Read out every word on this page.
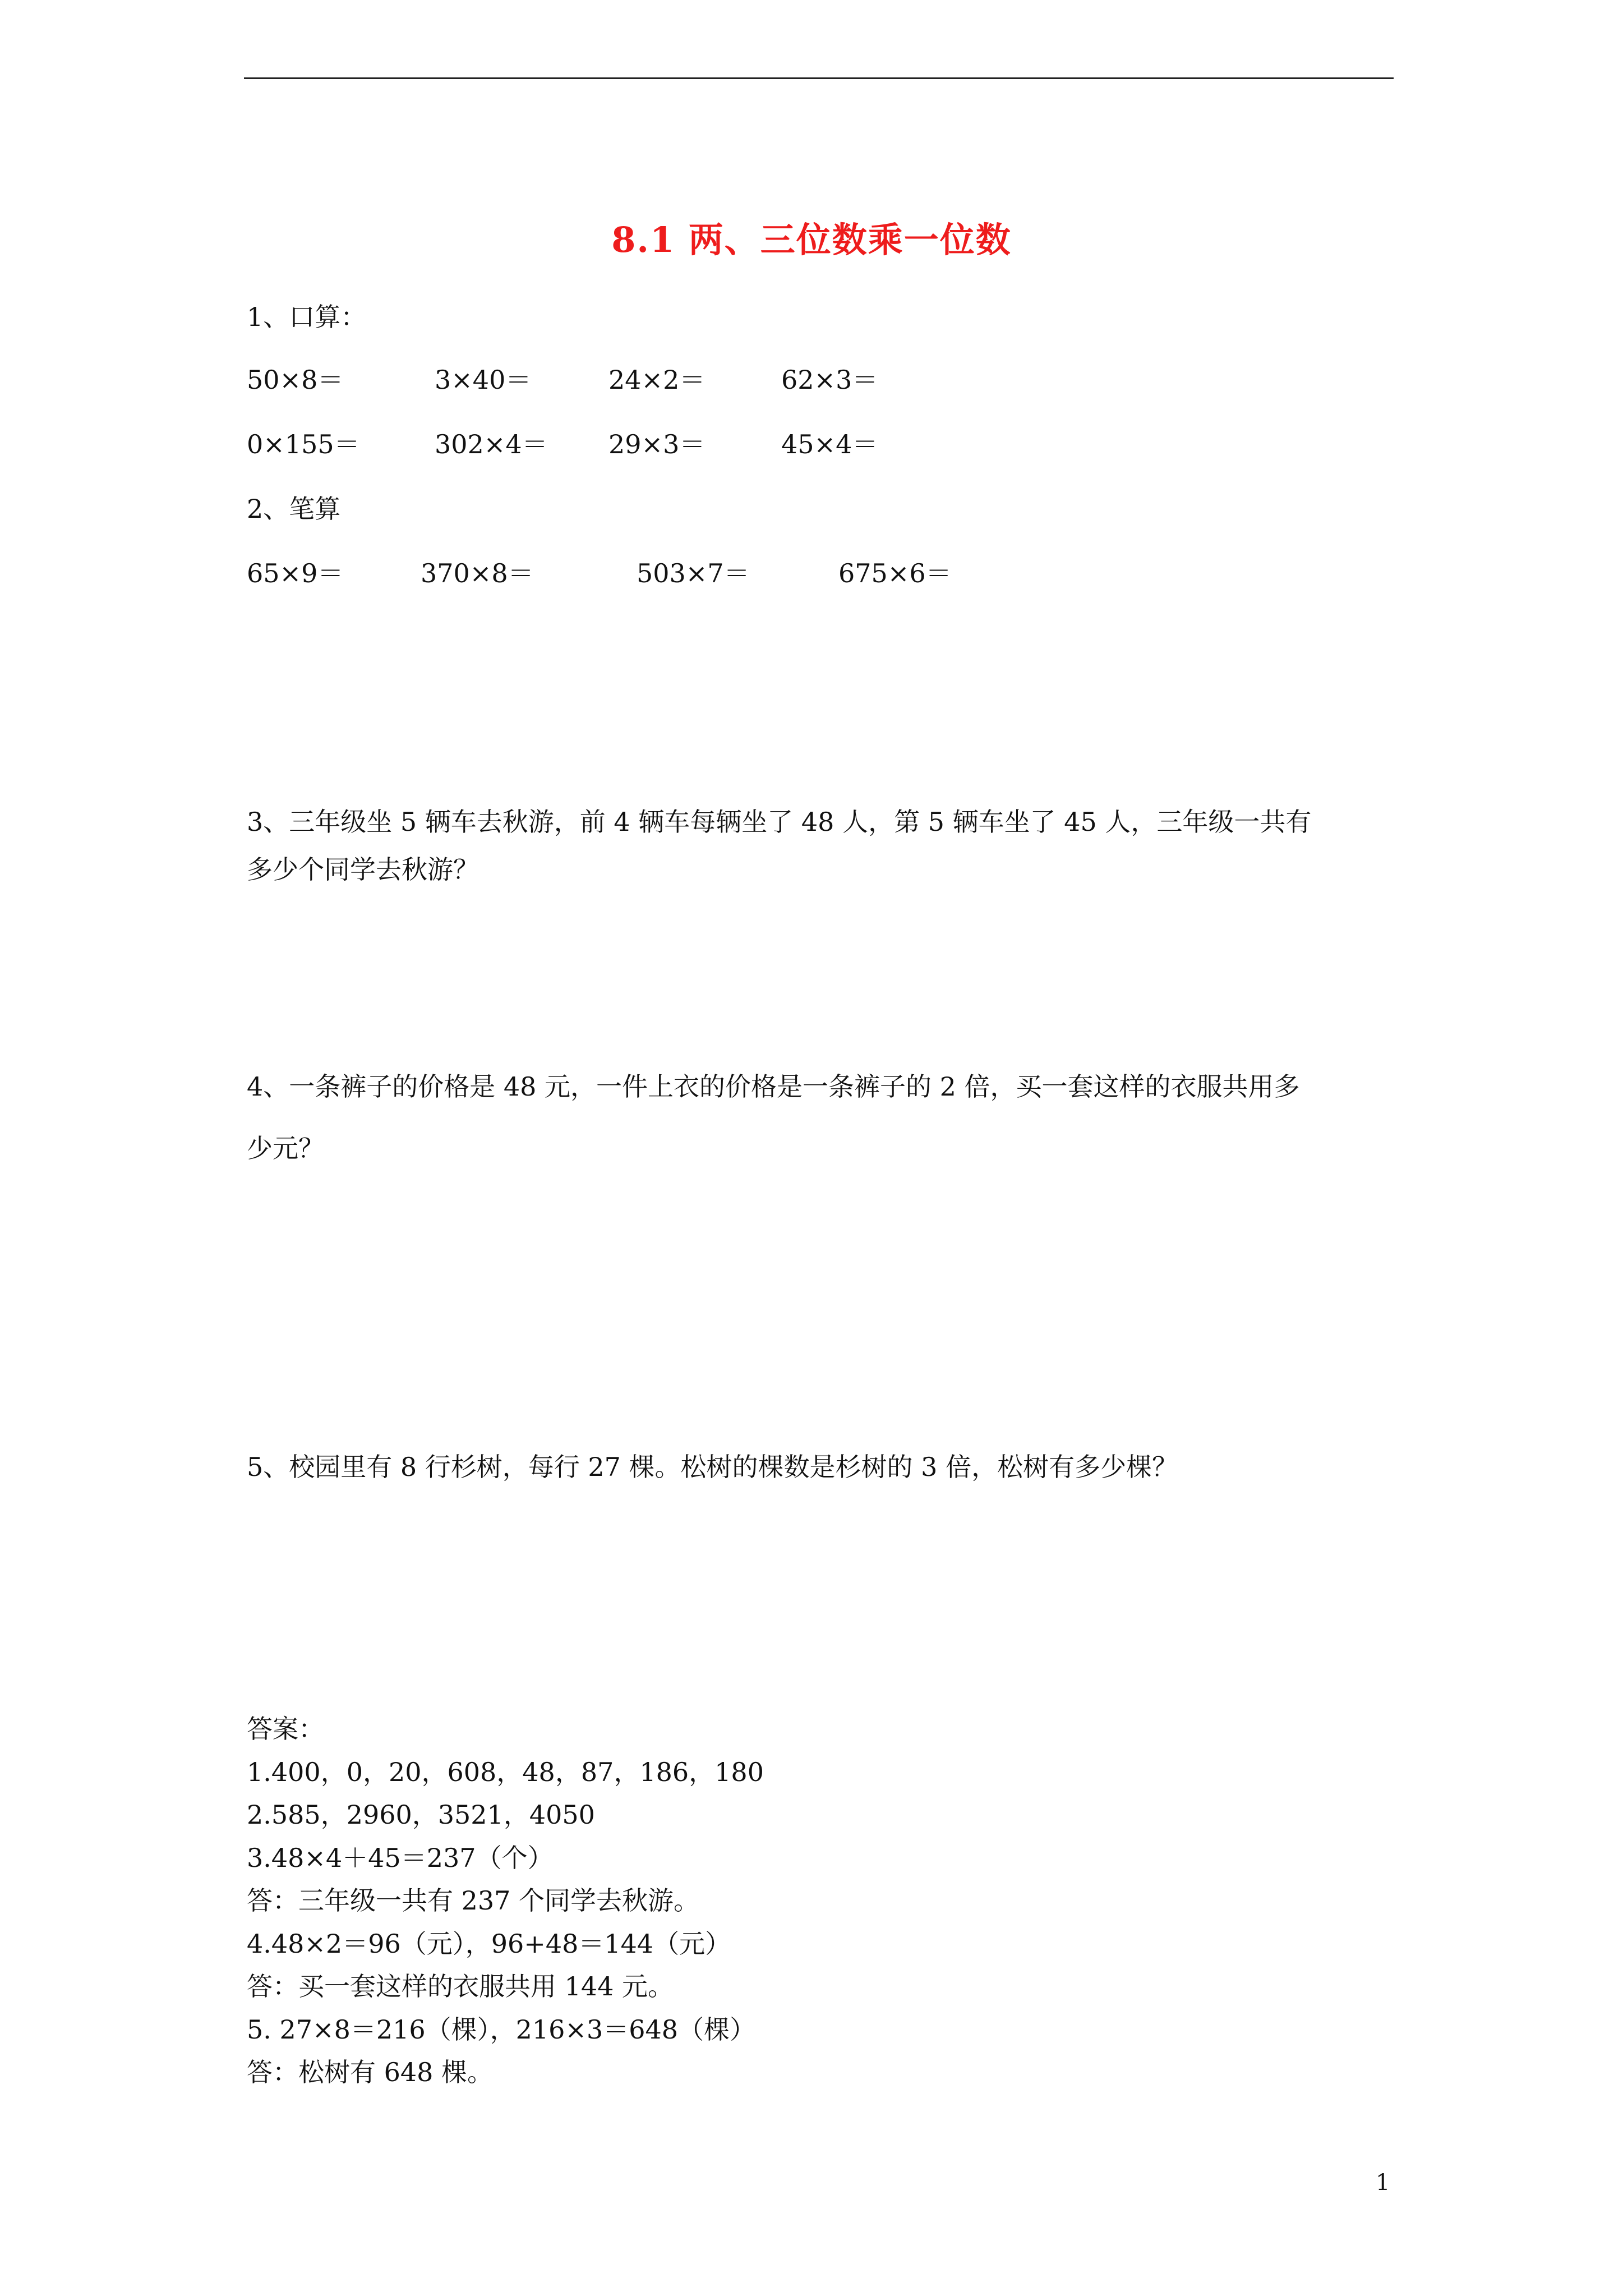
8.1 两、三位数乘一位数
1、口算：
50×8＝	3×40＝	24×2＝	62×3＝
0×155＝	302×4＝ 29×3＝	45×4＝
2、笔算
65×9＝	370×8＝	503×7＝	675×6＝
3、三年级坐 5 辆车去秋游，前 4 辆车每辆坐了 48 人，第 5 辆车坐了 45 人，三年级一共有
多少个同学去秋游？
4、一条裤子的价格是 48 元，一件上衣的价格是一条裤子的 2 倍，买一套这样的衣服共用多
少元？
5、校园里有 8 行杉树，每行 27 棵。松树的棵数是杉树的 3 倍，松树有多少棵？
答案：
1.400，0，20，608，48，87，186，180
2.585，2960，3521，4050
3.48×4＋45＝237（个）
答：三年级一共有 237 个同学去秋游。
4.48×2＝96（元），96+48＝144（元）
答：买一套这样的衣服共用 144 元。
5. 27×8＝216（棵），216×3＝648（棵）
答：松树有 648 棵。
1
